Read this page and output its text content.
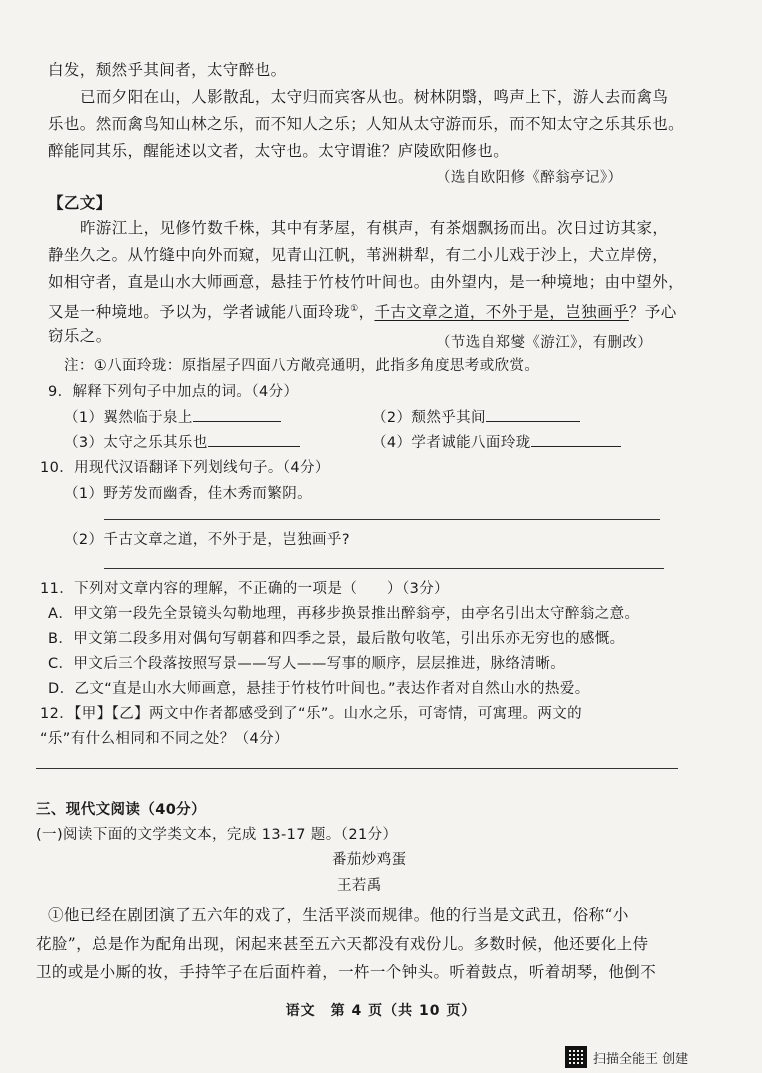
白发，颓然乎其间者，太守醉也。
已而夕阳在山，人影散乱，太守归而宾客从也。树林阴翳，鸣声上下，游人去而禽鸟
乐也。然而禽鸟知山林之乐，而不知人之乐；人知从太守游而乐，而不知太守之乐其乐也。
醉能同其乐，醒能述以文者，太守也。太守谓谁？庐陵欧阳修也。
（选自欧阳修《醉翁亭记》）
【乙文】
昨游江上，见修竹数千株，其中有茅屋，有棋声，有茶烟飘扬而出。次日过访其家，
静坐久之。从竹缝中向外而窥，见青山江帆，苇洲耕犁，有二小儿戏于沙上，犬立岸傍，
如相守者，直是山水大师画意，悬挂于竹枝竹叶间也。由外望内，是一种境地；由中望外，
又是一种境地。予以为，学者诚能八面玲珑①，千古文章之道，不外于是，岂独画乎？予心
窃乐之。	（节选自郑燮《游江》，有删改）
注：①八面玲珑：原指屋子四面八方敞亮通明，此指多角度思考或欣赏。
9．解释下列句子中加点的词。（4分）
（1）翼然临于泉上	（2）颓然乎其间
（3）太守之乐其乐也	（4）学者诚能八面玲珑
10．用现代汉语翻译下列划线句子。（4分）
（1）野芳发而幽香，佳木秀而繁阴。
（2）千古文章之道，不外于是，岂独画乎?
11．下列对文章内容的理解，不正确的一项是（　　）（3分）
A．甲文第一段先全景镜头勾勒地理，再移步换景推出醉翁亭，由亭名引出太守醉翁之意。
B．甲文第二段多用对偶句写朝暮和四季之景，最后散句收笔，引出乐亦无穷也的感慨。
C．甲文后三个段落按照写景——写人——写事的顺序，层层推进，脉络清晰。
D．乙文“直是山水大师画意，悬挂于竹枝竹叶间也。”表达作者对自然山水的热爱。
12．【甲】【乙】两文中作者都感受到了“乐”。山水之乐，可寄情，可寓理。两文的
“乐”有什么相同和不同之处？（4分）
三、现代文阅读（40分）
(一)阅读下面的文学类文本，完成 13-17 题。（21分）
番茄炒鸡蛋
王若禹
①他已经在剧团演了五六年的戏了，生活平淡而规律。他的行当是文武丑，俗称“小
花脸”，总是作为配角出现，闲起来甚至五六天都没有戏份儿。多数时候，他还要化上侍
卫的或是小厮的妆，手持竿子在后面杵着，一杵一个钟头。听着鼓点，听着胡琴，他倒不
语文　第 4 页（共 10 页）
扫描全能王 创建
